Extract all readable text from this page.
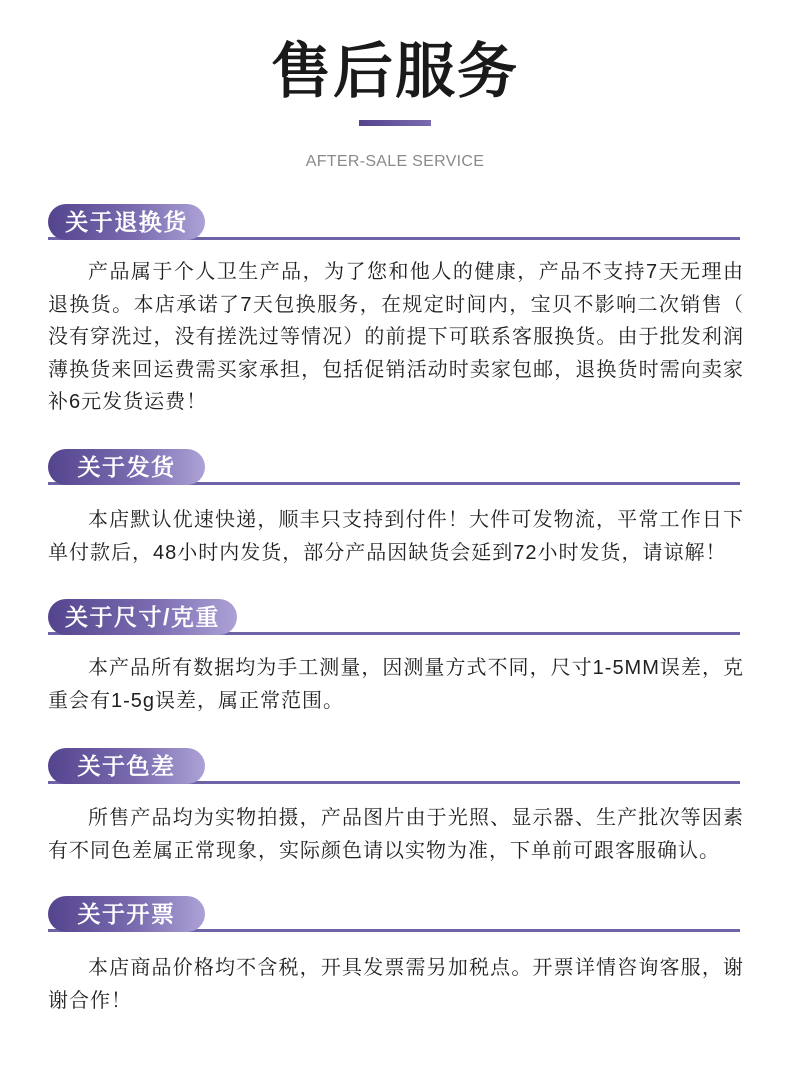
售后服务
AFTER-SALE SERVICE
关于退换货
产品属于个人卫生产品，为了您和他人的健康，产品不支持7天无理由
退换货。本店承诺了7天包换服务，在规定时间内，宝贝不影响二次销售（
没有穿洗过，没有搓洗过等情况）的前提下可联系客服换货。由于批发利润
薄换货来回运费需买家承担，包括促销活动时卖家包邮，退换货时需向卖家
补6元发货运费！
关于发货
本店默认优速快递，顺丰只支持到付件！大件可发物流，平常工作日下
单付款后，48小时内发货，部分产品因缺货会延到72小时发货，请谅解！
关于尺寸/克重
本产品所有数据均为手工测量，因测量方式不同，尺寸1-5MM误差，克
重会有1-5g误差，属正常范围。
关于色差
所售产品均为实物拍摄，产品图片由于光照、显示器、生产批次等因素
有不同色差属正常现象，实际颜色请以实物为准，下单前可跟客服确认。
关于开票
本店商品价格均不含税，开具发票需另加税点。开票详情咨询客服，谢
谢合作！
